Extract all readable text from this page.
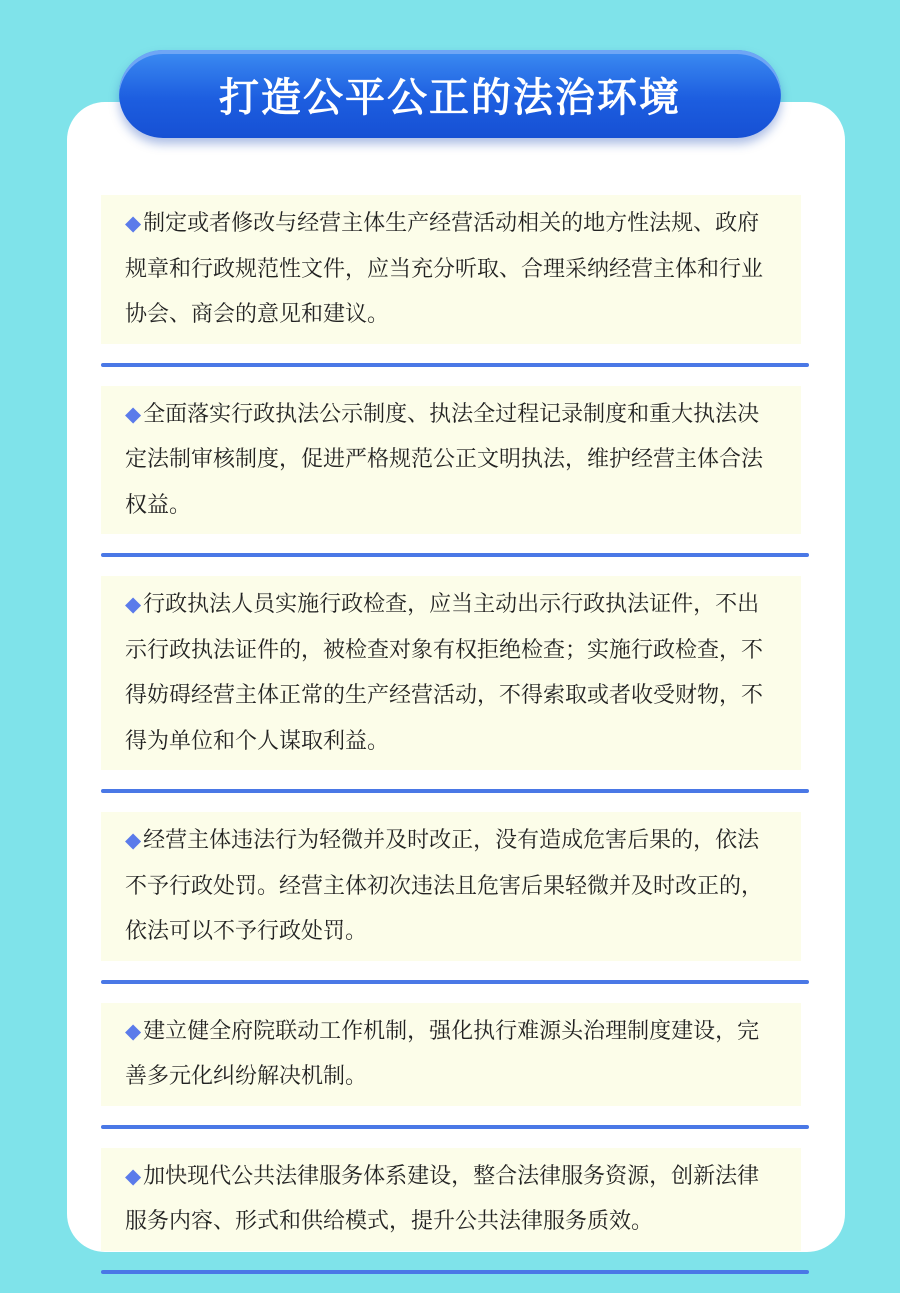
打造公平公正的法治环境
◆制定或者修改与经营主体生产经营活动相关的地方性法规、政府规章和行政规范性文件，应当充分听取、合理采纳经营主体和行业协会、商会的意见和建议。
◆全面落实行政执法公示制度、执法全过程记录制度和重大执法决定法制审核制度，促进严格规范公正文明执法，维护经营主体合法权益。
◆行政执法人员实施行政检查，应当主动出示行政执法证件，不出示行政执法证件的，被检查对象有权拒绝检查；实施行政检查，不得妨碍经营主体正常的生产经营活动，不得索取或者收受财物，不得为单位和个人谋取利益。
◆经营主体违法行为轻微并及时改正，没有造成危害后果的，依法不予行政处罚。经营主体初次违法且危害后果轻微并及时改正的，依法可以不予行政处罚。
◆建立健全府院联动工作机制，强化执行难源头治理制度建设，完善多元化纠纷解决机制。
◆加快现代公共法律服务体系建设，整合法律服务资源，创新法律服务内容、形式和供给模式，提升公共法律服务质效。
